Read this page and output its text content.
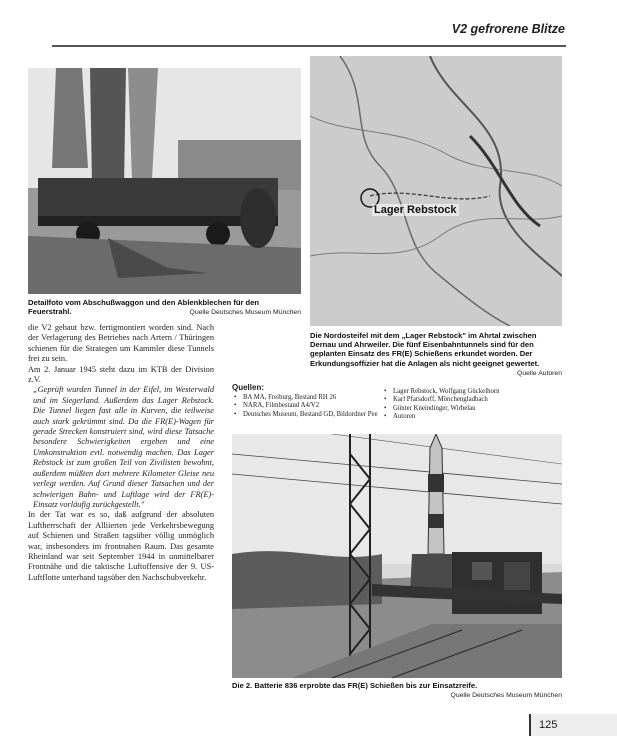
V2 gefrorene Blitze
Detailfoto vom Abschußwaggon und den Ablenkblechen für den Feuerstrahl.	Quelle Deutsches Museum München
Lager Rebstock
Die Nordosteifel mit dem „Lager Rebstock" im Ahrtal zwischen Dernau und Ahrweiler. Die fünf Eisenbahntunnels sind für den geplanten Einsatz des FR(E) Schießens erkundet worden. Der Erkundungsoffizier hat die Anlagen als nicht geeignet gewertet.
Quelle Autoren

die V2 gebaut bzw. fertigmontiert worden sind. Nach der Verlagerung des Betriebes nach Artern / Thüringen schienen für die Strategen um Kammler diese Tunnels frei zu sein.

Am 2. Januar 1945 steht dazu im KTB der Division z.V.

„Geprüft wurden Tunnel in der Eifel, im Westerwald und im Siegerland. Außerdem das Lager Rebstock. Die Tunnel liegen fast alle in Kurven, die teilweise auch stark gekrümmt sind. Da die FR(E)-Wagen für gerade Strecken konstruiert sind, wird diese Tatsache besondere Schwierigkeiten ergeben und eine Umkonstruktion evtl. notwendig machen. Das Lager Rebstock ist zum großen Teil von Zivilisten bewohnt, außerdem müßten dort mehrere Kilometer Gleise neu verlegt werden. Auf Grund dieser Tatsachen und der schwierigen Bahn- und Luftlage wird der FR(E)-Einsatz vorläufig zurückgestellt."

In der Tat war es so, daß aufgrund der absoluten Luftherrschaft der Alliierten jede Verkehrsbewegung auf Schienen und Straßen tagsüber völlig unmöglich war, insbesonders im frontnahen Raum. Das gesamte Rheinland war seit September 1944 in unmittelbarer Frontnähe und die taktische Luftoffensive der 9. US-Luftflotte unterband tagsüber den Nachschubverkehr.

Quellen:
• BA MA, Freiburg, Bestand RH 26
• NARA, Filmbestand A4/V2
• Deutsches Museum, Bestand GD, Bildordner Pee
• Lager Rebstock, Wolfgang Gückelhorn
• Karl Pfarsdorff, Mönchengladbach
• Günter Kneindinger, Wirbelau
• Autoren
Die 2. Batterie 836 erprobte das FR(E) Schießen bis zur Einsatzreife.
Quelle Deutsches Museum München
125
